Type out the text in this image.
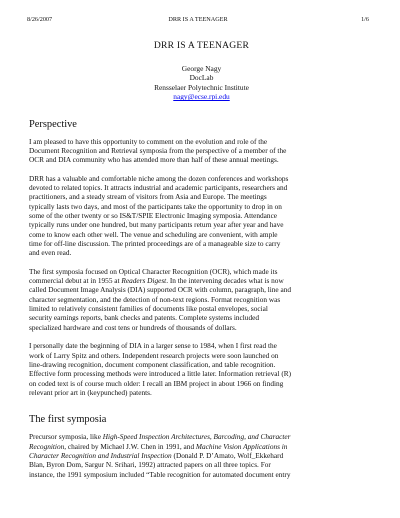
8/26/2007	DRR IS A TEENAGER	1/6
DRR IS A TEENAGER
George Nagy
DocLab
Rensselaer Polytechnic Institute
nagy@ecse.rpi.edu
Perspective

I am pleased to have this opportunity to comment on the evolution and role of the
Document Recognition and Retrieval symposia from the perspective of a member of the
OCR and DIA community who has attended more than half of these annual meetings.

DRR has a valuable and comfortable niche among the dozen conferences and workshops
devoted to related topics. It attracts industrial and academic participants, researchers and
practitioners, and a steady stream of visitors from Asia and Europe. The meetings
typically lasts two days, and most of the participants take the opportunity to drop in on
some of the other twenty or so IS&T/SPIE Electronic Imaging symposia. Attendance
typically runs under one hundred, but many participants return year after year and have
come to know each other well. The venue and scheduling are convenient, with ample
time for off-line discussion. The printed proceedings are of a manageable size to carry
and even read.

The first symposia focused on Optical Character Recognition (OCR), which made its
commercial debut at in 1955 at Readers Digest. In the intervening decades what is now
called Document Image Analysis (DIA) supported OCR with column, paragraph, line and
character segmentation, and the detection of non-text regions. Format recognition was
limited to relatively consistent families of documents like postal envelopes, social
security earnings reports, bank checks and patents. Complete systems included
specialized hardware and cost tens or hundreds of thousands of dollars.

I personally date the beginning of DIA in a larger sense to 1984, when I first read the
work of Larry Spitz and others. Independent research projects were soon launched on
line-drawing recognition, document component classification, and table recognition.
Effective form processing methods were introduced a little later. Information retrieval (R)
on coded text is of course much older: I recall an IBM project in about 1966 on finding
relevant prior art in (keypunched) patents.

The first symposia

Precursor symposia, like High-Speed Inspection Architectures, Barcoding, and Character
Recognition, chaired by Michael J.W. Chen in 1991, and Machine Vision Applications in
Character Recognition and Industrial Inspection (Donald P. D’Amato, Wolf_Ekkehard
Blan, Byron Dom, Sargur N. Srihari, 1992) attracted papers on all three topics. For
instance, the 1991 symposium included “Table recognition for automated document entry
